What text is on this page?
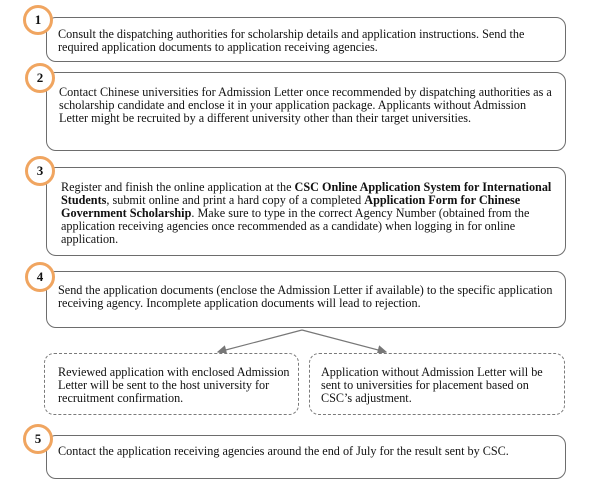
Consult the dispatching authorities for scholarship details and application instructions. Send the required application documents to application receiving agencies.

1

Contact Chinese universities for Admission Letter once recommended by dispatching authorities as a scholarship candidate and enclose it in your application package. Applicants without Admission Letter might be recruited by a different university other than their target universities.

2

Register and finish the online application at the CSC Online Application System for International Students, submit online and print a hard copy of a completed Application Form for Chinese Government Scholarship. Make sure to type in the correct Agency Number (obtained from the application receiving agencies once recommended as a candidate) when logging in for online application.

3

Send the application documents (enclose the Admission Letter if available) to the specific application receiving agency. Incomplete application documents will lead to rejection.

4

Reviewed application with enclosed Admission Letter will be sent to the host university for recruitment confirmation.

Application without Admission Letter will be sent to universities for placement based on CSC’s adjustment.

Contact the application receiving agencies around the end of July for the result sent by CSC.

5
